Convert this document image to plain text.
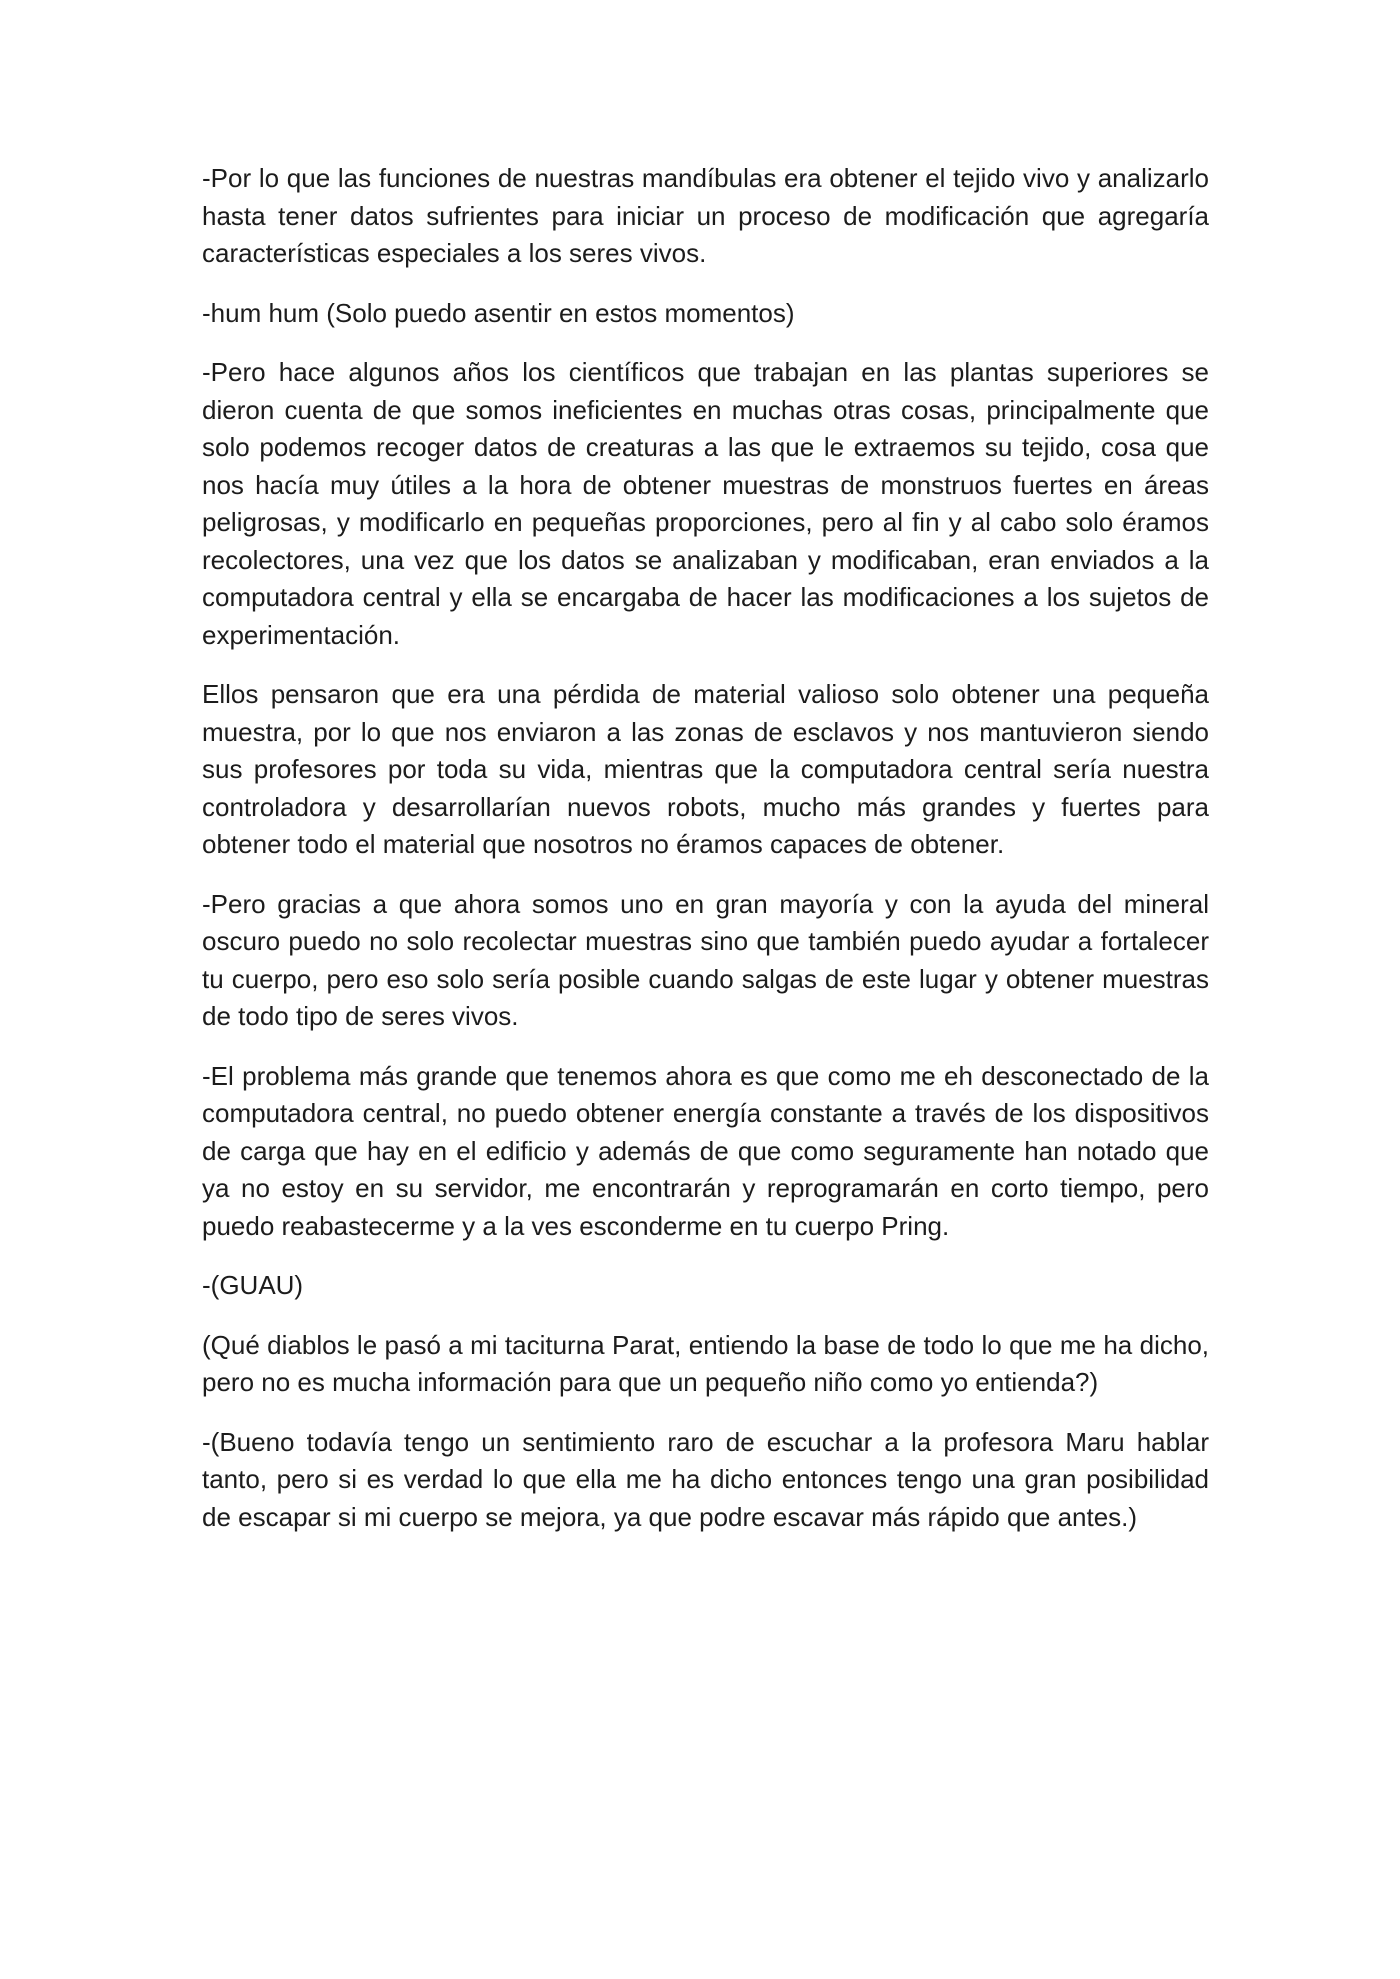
-Por lo que las funciones de nuestras mandíbulas era obtener el tejido vivo y analizarlo hasta tener datos sufrientes para iniciar un proceso de modificación que agregaría características especiales a los seres vivos.

-hum hum (Solo puedo asentir en estos momentos)

-Pero hace algunos años los científicos que trabajan en las plantas superiores se dieron cuenta de que somos ineficientes en muchas otras cosas, principalmente que solo podemos recoger datos de creaturas a las que le extraemos su tejido, cosa que nos hacía muy útiles a la hora de obtener muestras de monstruos fuertes en áreas peligrosas, y modificarlo en pequeñas proporciones, pero al fin y al cabo solo éramos recolectores, una vez que los datos se analizaban y modificaban, eran enviados a la computadora central y ella se encargaba de hacer las modificaciones a los sujetos de experimentación.

Ellos pensaron que era una pérdida de material valioso solo obtener una pequeña muestra, por lo que nos enviaron a las zonas de esclavos y nos mantuvieron siendo sus profesores por toda su vida, mientras que la computadora central sería nuestra controladora y desarrollarían nuevos robots, mucho más grandes y fuertes para obtener todo el material que nosotros no éramos capaces de obtener.

-Pero gracias a que ahora somos uno en gran mayoría y con la ayuda del mineral oscuro puedo no solo recolectar muestras sino que también puedo ayudar a fortalecer tu cuerpo, pero eso solo sería posible cuando salgas de este lugar y obtener muestras de todo tipo de seres vivos.

-El problema más grande que tenemos ahora es que como me eh desconectado de la computadora central, no puedo obtener energía constante a través de los dispositivos de carga que hay en el edificio y además de que como seguramente han notado que ya no estoy en su servidor, me encontrarán y reprogramarán en corto tiempo, pero puedo reabastecerme y a la ves esconderme en tu cuerpo Pring.

-(GUAU)

(Qué diablos le pasó a mi taciturna Parat, entiendo la base de todo lo que me ha dicho, pero no es mucha información para que un pequeño niño como yo entienda?)

-(Bueno todavía tengo un sentimiento raro de escuchar a la profesora Maru hablar tanto, pero si es verdad lo que ella me ha dicho entonces tengo una gran posibilidad de escapar si mi cuerpo se mejora, ya que podre escavar más rápido que antes.)
